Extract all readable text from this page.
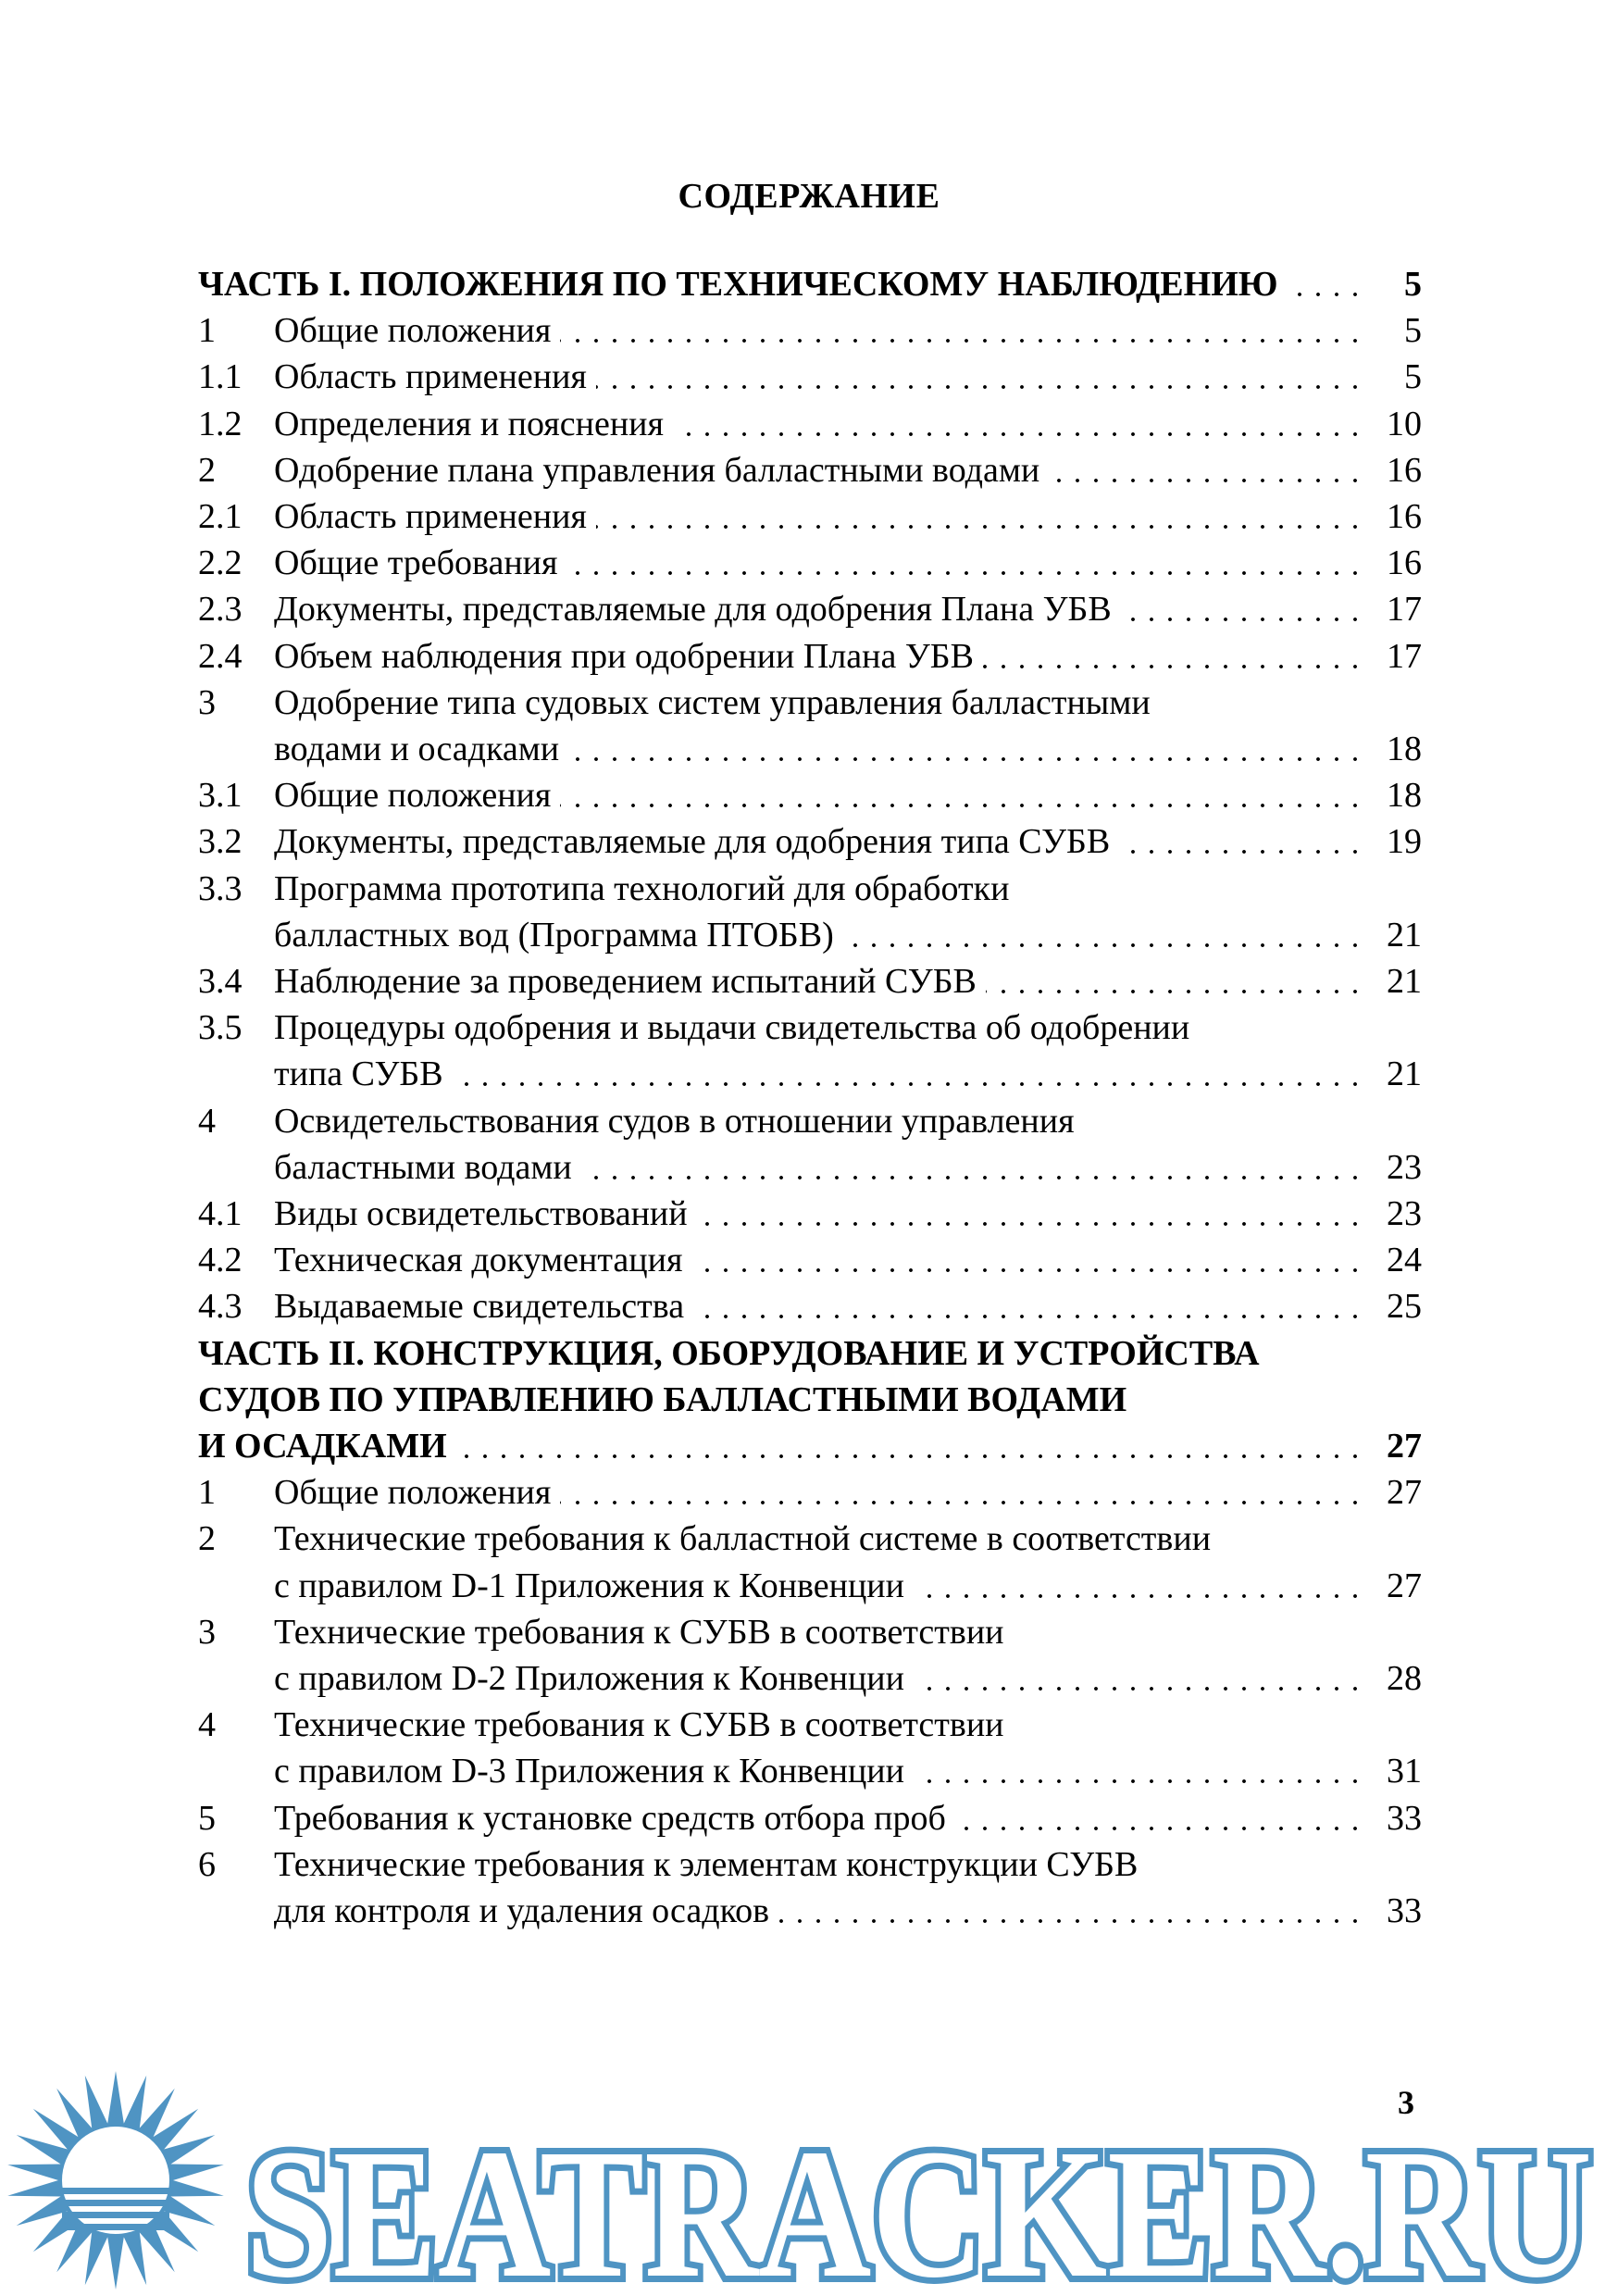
СОДЕРЖАНИЕ
ЧАСТЬ I. ПОЛОЖЕНИЯ ПО ТЕХНИЧЕСКОМУ НАБЛЮДЕНИЮ	5
1 Общие положения	5
1.1 Область применения	5
1.2 Определения и пояснения	10
2 Одобрение плана управления балластными водами	16
2.1 Область применения	16
2.2 Общие требования	16
2.3 Документы, представляемые для одобрения Плана УБВ	17
2.4 Объем наблюдения при одобрении Плана УБВ	17
3 Одобрение типа судовых систем управления балластными
водами и осадками	18
3.1 Общие положения	18
3.2 Документы, представляемые для одобрения типа СУБВ	19
3.3 Программа прототипа технологий для обработки
балластных вод (Программа ПТОБВ)	21
3.4 Наблюдение за проведением испытаний СУБВ	21
3.5 Процедуры одобрения и выдачи свидетельства об одобрении
типа СУБВ	21
4 Освидетельствования судов в отношении управления
баластными водами	23
4.1 Виды освидетельствований	23
4.2 Техническая документация	24
4.3 Выдаваемые свидетельства	25
ЧАСТЬ II. КОНСТРУКЦИЯ, ОБОРУДОВАНИЕ И УСТРОЙСТВА
СУДОВ ПО УПРАВЛЕНИЮ БАЛЛАСТНЫМИ ВОДАМИ
И ОСАДКАМИ	27
1 Общие положения	27
2 Технические требования к балластной системе в соответствии
с правилом D-1 Приложения к Конвенции	27
3 Технические требования к СУБВ в соответствии
с правилом D-2 Приложения к Конвенции	28
4 Технические требования к СУБВ в соответствии
с правилом D-3 Приложения к Конвенции	31
5 Требования к установке средств отбора проб	33
6 Технические требования к элементам конструкции СУБВ
для контроля и удаления осадков	33
3
SEATRACKER.RU
